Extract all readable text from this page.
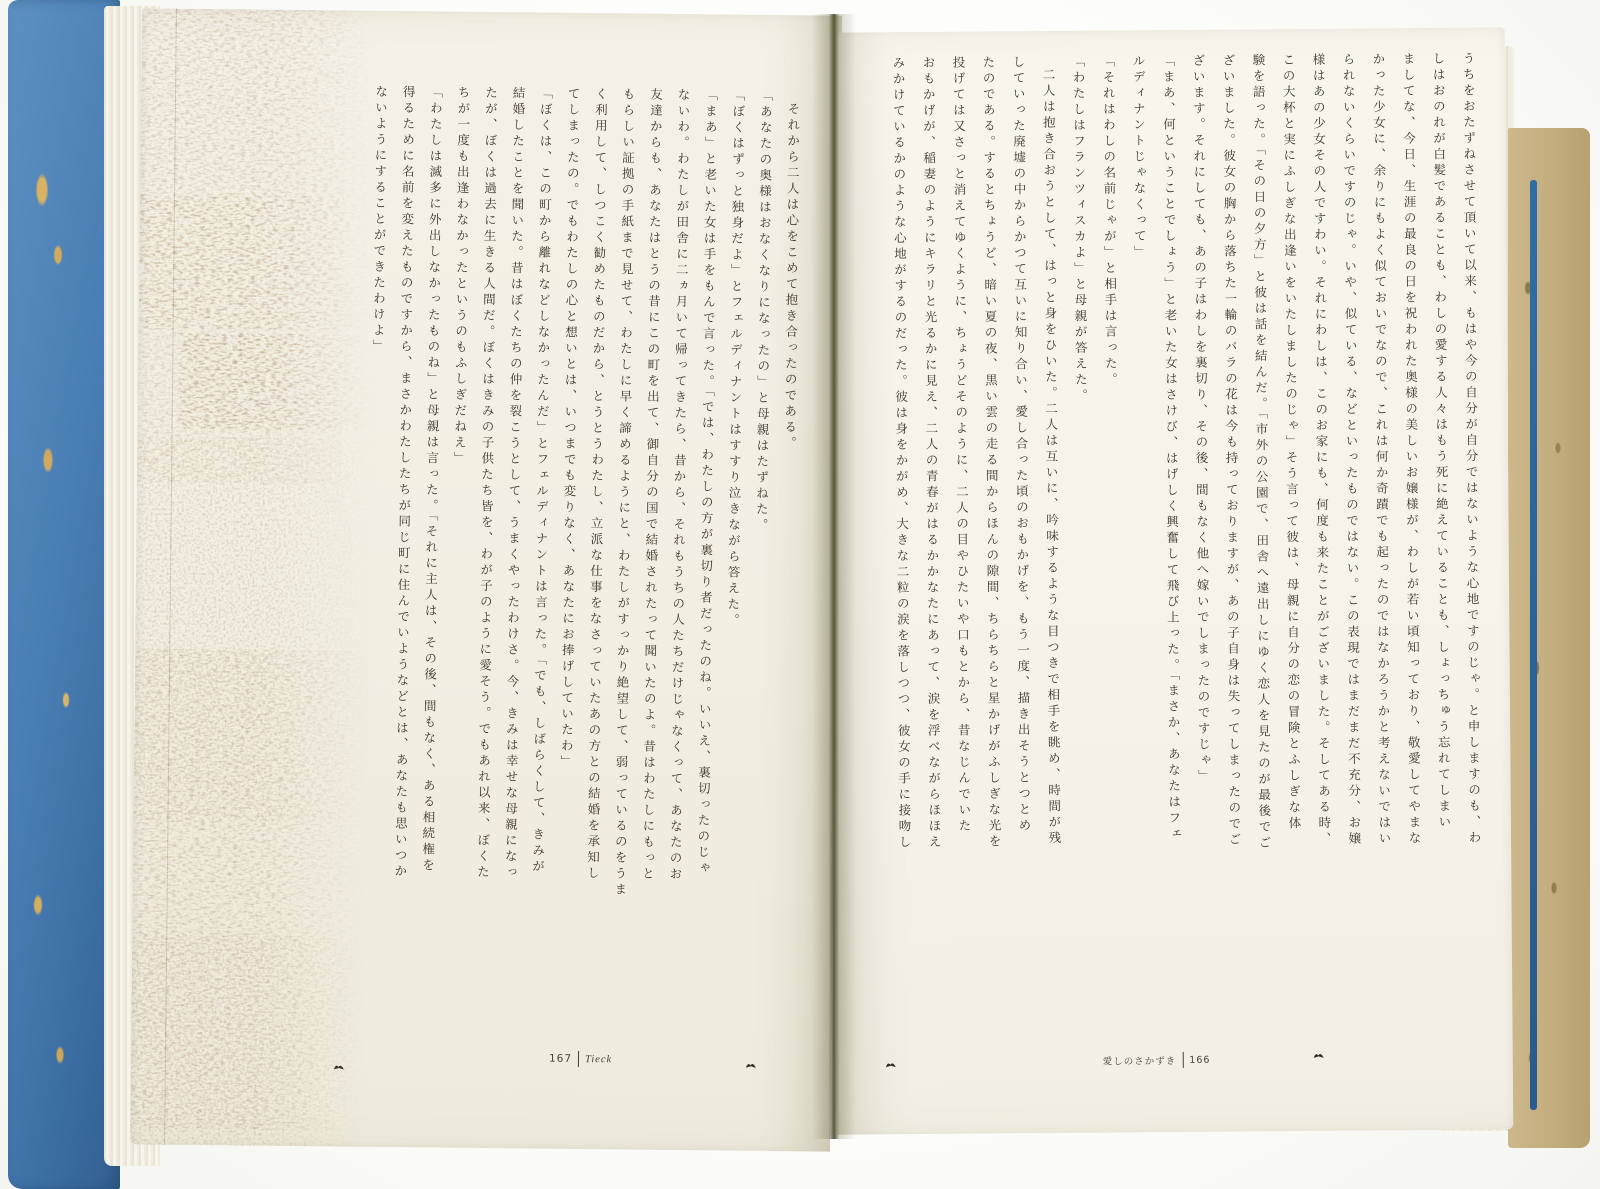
それから二人は心をこめて抱き合ったのである。
「あなたの奥様はおなくなりになったの」と母親はたずねた。
「ぼくはずっと独身だよ」とフェルディナントはすすり泣きながら答えた。
「まあ」と老いた女は手をもんで言った。「では、わたしの方が裏切り者だったのね。いいえ、裏切ったのじゃ
ないわ。わたしが田舎に二ヵ月いて帰ってきたら、昔から、それもうちの人たちだけじゃなくって、あなたのお
友達からも、あなたはとうの昔にこの町を出て、御自分の国で結婚されたって聞いたのよ。昔はわたしにもっと
もらしい証拠の手紙まで見せて、わたしに早く諦めるようにと、わたしがすっかり絶望して、弱っているのをうま
く利用して、しつこく勧めたものだから、とうとうわたし、立派な仕事をなさっていたあの方との結婚を承知し
てしまったの。でもわたしの心と想いとは、いつまでも変りなく、あなたにお捧げしていたわ」
「ぼくは、この町から離れなどしなかったんだ」とフェルディナントは言った。「でも、しばらくして、きみが
結婚したことを聞いた。昔はぼくたちの仲を裂こうとして、うまくやったわけさ。今、きみは幸せな母親になっ
たが、ぼくは過去に生きる人間だ。ぼくはきみの子供たち皆を、わが子のように愛そう。でもあれ以来、ぼくた
ちが一度も出逢わなかったというのもふしぎだねえ」
「わたしは滅多に外出しなかったものね」と母親は言った。「それに主人は、その後、間もなく、ある相続権を
得るために名前を変えたものですから、まさかわたしたちが同じ町に住んでいようなどとは、あなたも思いつか
ないようにすることができたわけよ」
167 Tieck
うちをおたずねさせて頂いて以来、もはや今の自分が自分ではないような心地ですのじゃ。と申しますのも、わ
しはおのれが白髪であることも、わしの愛する人々はもう死に絶えていることも、しょっちゅう忘れてしまい
ましてな、今日、生涯の最良の日を祝われた奥様の美しいお嬢様が、わしが若い頃知っており、敬愛してやまな
かった少女に、余りにもよく似ておいでなので、これは何か奇蹟でも起ったのではなかろうかと考えないではい
られないくらいですのじゃ。いや、似ている、などといったものではない。この表現ではまだまだ不充分、お嬢
様はあの少女その人ですわい。それにわしは、このお家にも、何度も来たことがございました。そしてある時、
この大杯と実にふしぎな出逢いをいたしましたのじゃ」そう言って彼は、母親に自分の恋の冒険とふしぎな体
験を語った。「その日の夕方」と彼は話を結んだ。「市外の公園で、田舎へ遠出しにゆく恋人を見たのが最後でご
ざいました。彼女の胸から落ちた一輪のバラの花は今も持っておりますが、あの子自身は失ってしまったのでご
ざいます。それにしても、あの子はわしを裏切り、その後、間もなく他へ嫁いでしまったのですじゃ」
「まあ、何ということでしょう」と老いた女はさけび、はげしく興奮して飛び上った。「まさか、あなたはフェ
ルディナントじゃなくって」
「それはわしの名前じゃが」と相手は言った。
「わたしはフランツィスカよ」と母親が答えた。
二人は抱き合おうとして、はっと身をひいた。二人は互いに、吟味するような目つきで相手を眺め、時間が残
していった廃墟の中からかつて互いに知り合い、愛し合った頃のおもかげを、もう一度、描き出そうとつとめ
たのである。するとちょうど、暗い夏の夜、黒い雲の走る間からほんの隙間、ちらちらと星かげがふしぎな光を
投げては又さっと消えてゆくように、ちょうどそのように、二人の目やひたいや口もとから、昔なじんでいた
おもかげが、稲妻のようにキラリと光るかに見え、二人の青春がはるかかなたにあって、涙を浮べながらほほえ
みかけているかのような心地がするのだった。彼は身をかがめ、大きな二粒の涙を落しつつ、彼女の手に接吻し
愛しのさかずき 166
